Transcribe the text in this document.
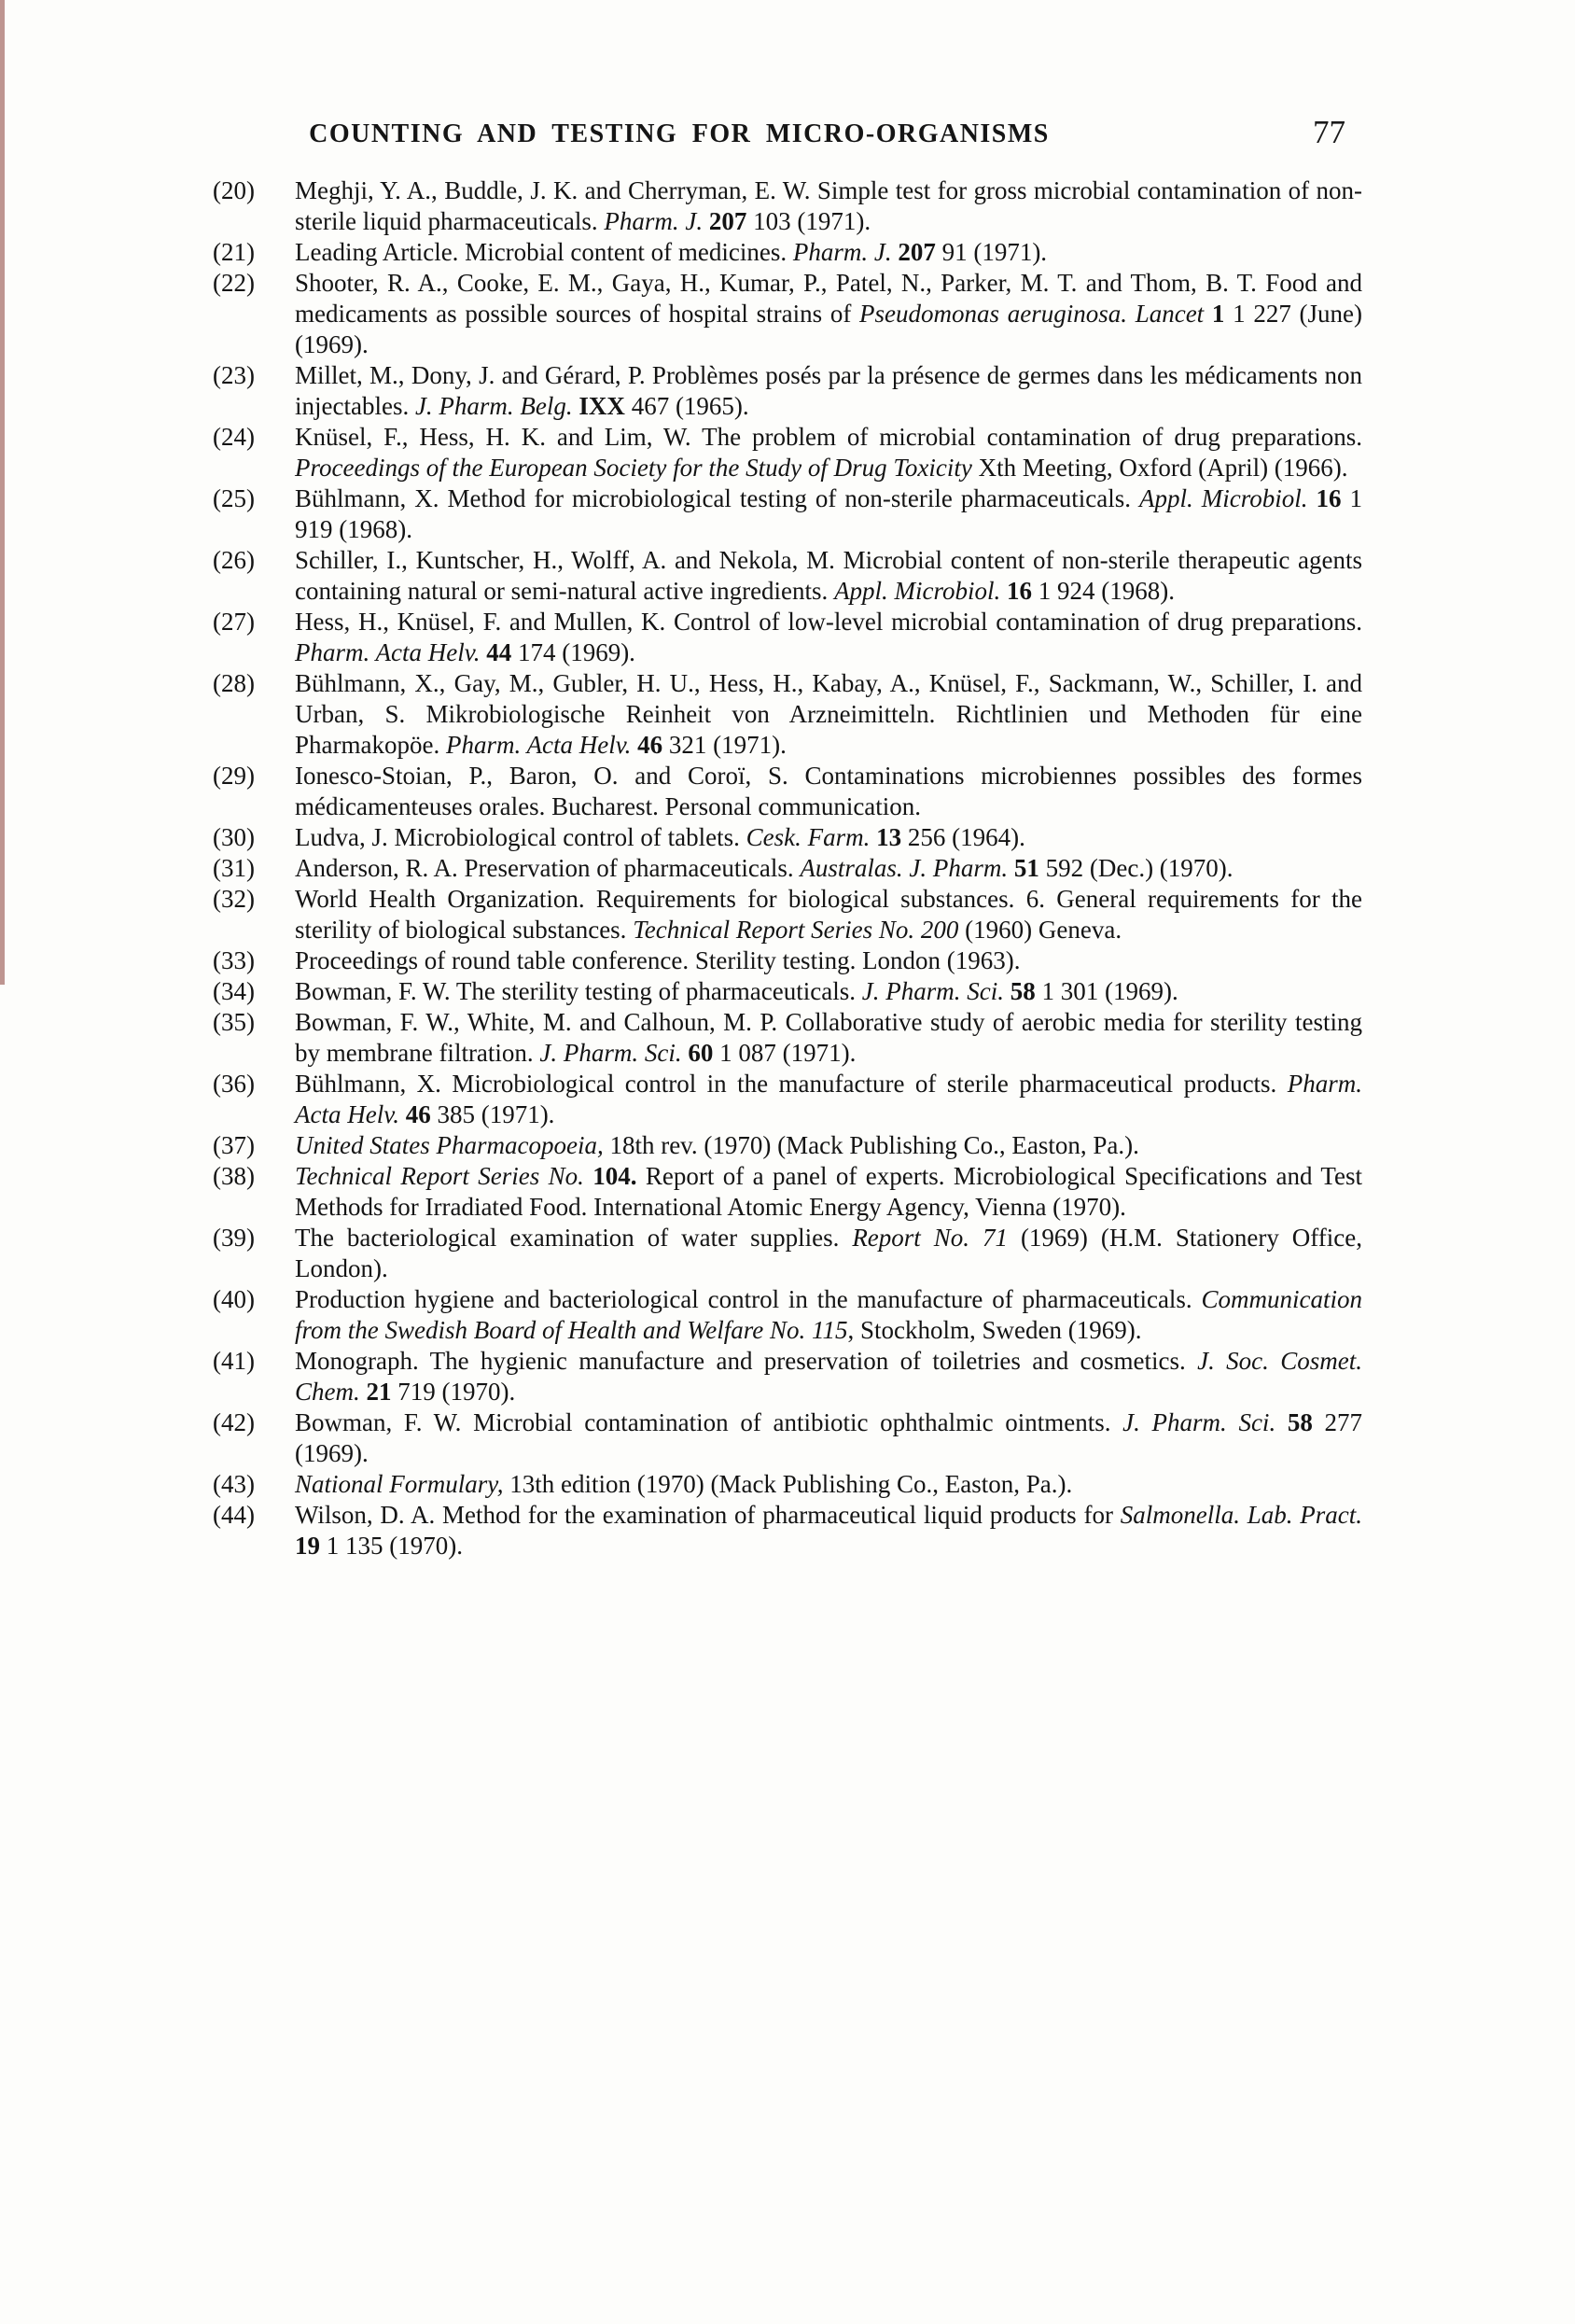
COUNTING AND TESTING FOR MICRO-ORGANISMS	77
(20)	Meghji, Y. A., Buddle, J. K. and Cherryman, E. W. Simple test for gross microbial contamination of non-sterile liquid pharmaceuticals. Pharm. J. 207 103 (1971).
(21)	Leading Article. Microbial content of medicines. Pharm. J. 207 91 (1971).
(22)	Shooter, R. A., Cooke, E. M., Gaya, H., Kumar, P., Patel, N., Parker, M. T. and Thom, B. T. Food and medicaments as possible sources of hospital strains of Pseudomonas aeruginosa. Lancet 1 1 227 (June) (1969).
(23)	Millet, M., Dony, J. and Gérard, P. Problèmes posés par la présence de germes dans les médicaments non injectables. J. Pharm. Belg. IXX 467 (1965).
(24)	Knüsel, F., Hess, H. K. and Lim, W. The problem of microbial contamination of drug preparations. Proceedings of the European Society for the Study of Drug Toxicity Xth Meeting, Oxford (April) (1966).
(25)	Bühlmann, X. Method for microbiological testing of non-sterile pharmaceuticals. Appl. Microbiol. 16 1 919 (1968).
(26)	Schiller, I., Kuntscher, H., Wolff, A. and Nekola, M. Microbial content of non-sterile therapeutic agents containing natural or semi-natural active ingredients. Appl. Microbiol. 16 1 924 (1968).
(27)	Hess, H., Knüsel, F. and Mullen, K. Control of low-level microbial contamination of drug preparations. Pharm. Acta Helv. 44 174 (1969).
(28)	Bühlmann, X., Gay, M., Gubler, H. U., Hess, H., Kabay, A., Knüsel, F., Sackmann, W., Schiller, I. and Urban, S. Mikrobiologische Reinheit von Arzneimitteln. Richtlinien und Methoden für eine Pharmakopöe. Pharm. Acta Helv. 46 321 (1971).
(29)	Ionesco-Stoian, P., Baron, O. and Coroï, S. Contaminations microbiennes possibles des formes médicamenteuses orales. Bucharest. Personal communication.
(30)	Ludva, J. Microbiological control of tablets. Cesk. Farm. 13 256 (1964).
(31)	Anderson, R. A. Preservation of pharmaceuticals. Australas. J. Pharm. 51 592 (Dec.) (1970).
(32)	World Health Organization. Requirements for biological substances. 6. General requirements for the sterility of biological substances. Technical Report Series No. 200 (1960) Geneva.
(33)	Proceedings of round table conference. Sterility testing. London (1963).
(34)	Bowman, F. W. The sterility testing of pharmaceuticals. J. Pharm. Sci. 58 1 301 (1969).
(35)	Bowman, F. W., White, M. and Calhoun, M. P. Collaborative study of aerobic media for sterility testing by membrane filtration. J. Pharm. Sci. 60 1 087 (1971).
(36)	Bühlmann, X. Microbiological control in the manufacture of sterile pharmaceutical products. Pharm. Acta Helv. 46 385 (1971).
(37)	United States Pharmacopoeia, 18th rev. (1970) (Mack Publishing Co., Easton, Pa.).
(38)	Technical Report Series No. 104. Report of a panel of experts. Microbiological Specifications and Test Methods for Irradiated Food. International Atomic Energy Agency, Vienna (1970).
(39)	The bacteriological examination of water supplies. Report No. 71 (1969) (H.M. Stationery Office, London).
(40)	Production hygiene and bacteriological control in the manufacture of pharmaceuticals. Communication from the Swedish Board of Health and Welfare No. 115, Stockholm, Sweden (1969).
(41)	Monograph. The hygienic manufacture and preservation of toiletries and cosmetics. J. Soc. Cosmet. Chem. 21 719 (1970).
(42)	Bowman, F. W. Microbial contamination of antibiotic ophthalmic ointments. J. Pharm. Sci. 58 277 (1969).
(43)	National Formulary, 13th edition (1970) (Mack Publishing Co., Easton, Pa.).
(44)	Wilson, D. A. Method for the examination of pharmaceutical liquid products for Salmonella. Lab. Pract. 19 1 135 (1970).
